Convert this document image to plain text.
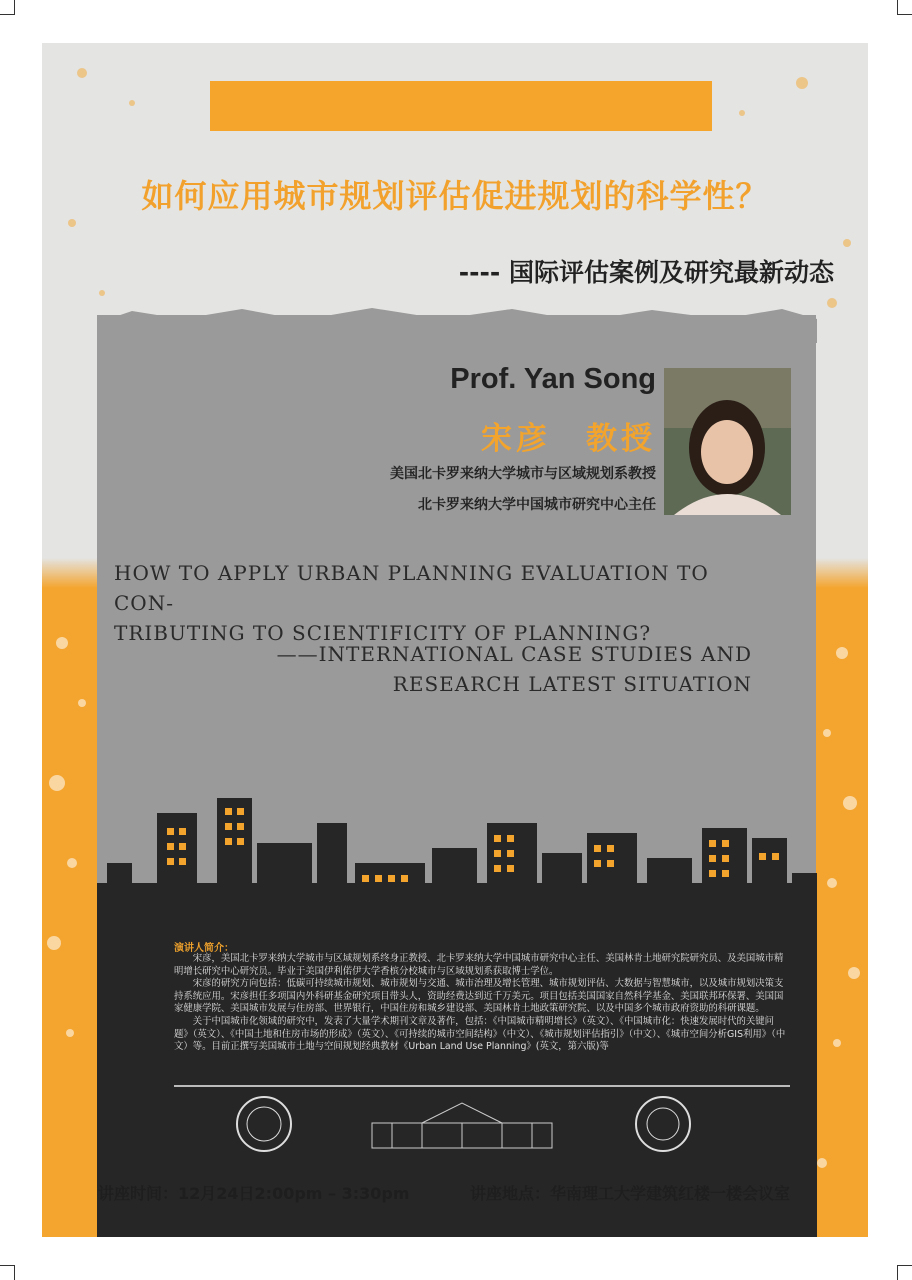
如何应用城市规划评估促进规划的科学性？
---- 国际评估案例及研究最新动态
Prof. Yan Song
宋彦　教授
美国北卡罗来纳大学城市与区域规划系教授
北卡罗来纳大学中国城市研究中心主任
HOW TO APPLY URBAN PLANNING EVALUATION TO CON-
TRIBUTING TO SCIENTIFICITY OF PLANNING?
——INTERNATIONAL CASE STUDIES AND
RESEARCH LATEST SITUATION
演讲人简介：

宋彦，美国北卡罗来纳大学城市与区域规划系终身正教授、北卡罗来纳大学中国城市研究中心主任、美国林肯土地研究院研究员、及美国城市精明增长研究中心研究员。毕业于美国伊利偌伊大学香槟分校城市与区域规划系获取博士学位。

宋彦的研究方向包括：低碳可持续城市规划、城市规划与交通、城市治理及增长管理、城市规划评估、大数据与智慧城市，以及城市规划决策支持系统应用。宋彦担任多项国内外科研基金研究项目带头人，资助经费达到近千万美元。项目包括美国国家自然科学基金、美国联邦环保署、美国国家健康学院、美国城市发展与住房部、世界银行，中国住房和城乡建设部、美国林肯土地政策研究院、以及中国多个城市政府资助的科研课题。

关于中国城市化领域的研究中，发表了大量学术期刊文章及著作，包括：《中国城市精明增长》（英文）、《中国城市化：快速发展时代的关键问题》（英文）、《中国土地和住房市场的形成》（英文）、《可持续的城市空间结构》（中文）、《城市规划评估指引》（中文）、《城市空间分析GIS利用》（中文）等。目前正撰写美国城市土地与空间规划经典教材《Urban Land Use Planning》(英文，第六版)等

讲座时间：12月24日2:00pm – 3:30pm	讲座地点：华南理工大学建筑红楼一楼会议室
